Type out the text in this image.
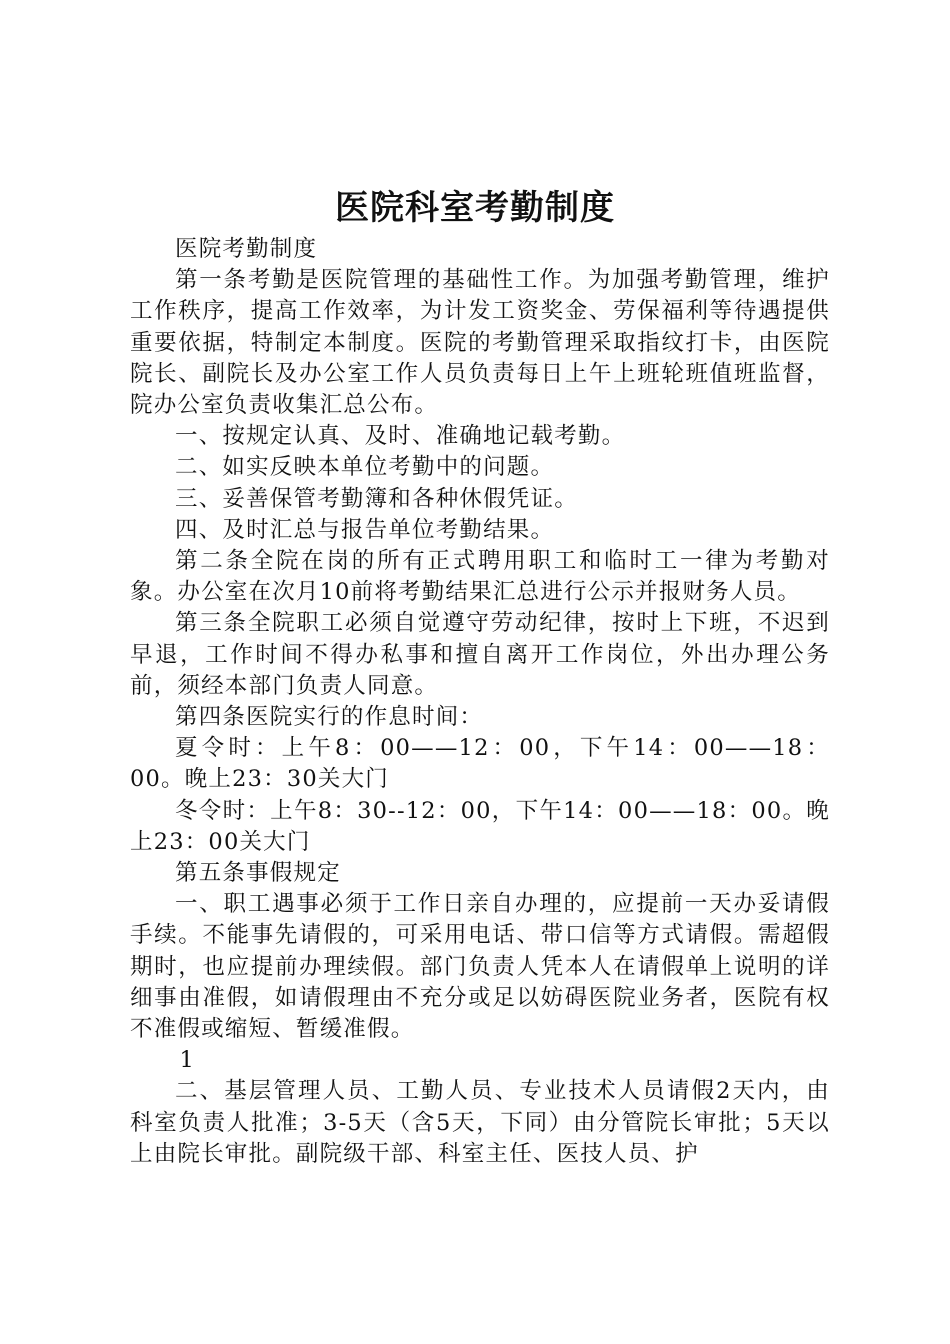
医院科室考勤制度

医院考勤制度

第一条考勤是医院管理的基础性工作。为加强考勤管理，维护工作秩序，提高工作效率，为计发工资奖金、劳保福利等待遇提供重要依据，特制定本制度。医院的考勤管理采取指纹打卡，由医院院长、副院长及办公室工作人员负责每日上午上班轮班值班监督，院办公室负责收集汇总公布。

一、按规定认真、及时、准确地记载考勤。

二、如实反映本单位考勤中的问题。

三、妥善保管考勤簿和各种休假凭证。

四、及时汇总与报告单位考勤结果。

第二条全院在岗的所有正式聘用职工和临时工一律为考勤对象。办公室在次月10前将考勤结果汇总进行公示并报财务人员。

第三条全院职工必须自觉遵守劳动纪律，按时上下班，不迟到早退，工作时间不得办私事和擅自离开工作岗位，外出办理公务前，须经本部门负责人同意。

第四条医院实行的作息时间：

夏令时：上午8：00——12：00，下午14：00——18：00。晚上23：30关大门

冬令时：上午8：30--12：00，下午14：00——18：00。晚上23：00关大门

第五条事假规定

一、职工遇事必须于工作日亲自办理的，应提前一天办妥请假手续。不能事先请假的，可采用电话、带口信等方式请假。需超假期时，也应提前办理续假。部门负责人凭本人在请假单上说明的详细事由准假，如请假理由不充分或足以妨碍医院业务者，医院有权不准假或缩短、暂缓准假。

1

二、基层管理人员、工勤人员、专业技术人员请假2天内，由科室负责人批准；3-5天（含5天，下同）由分管院长审批；5天以上由院长审批。副院级干部、科室主任、医技人员、护
